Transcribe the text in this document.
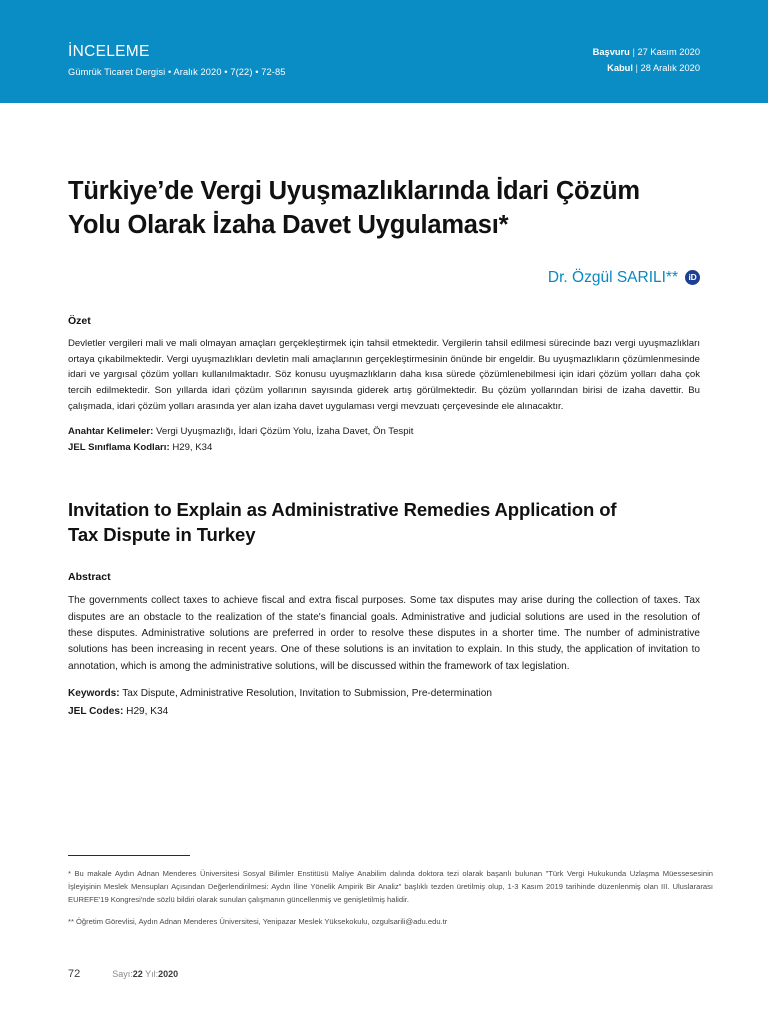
İNCELEME
Gümrük Ticaret Dergisi • Aralık 2020 • 7(22) • 72-85
Başvuru | 27 Kasım 2020
Kabul | 28 Aralık 2020
Türkiye’de Vergi Uyuşmazlıklarında İdari Çözüm Yolu Olarak İzaha Davet Uygulaması*
Dr. Özgül SARILI**	iD
Özet

Devletler vergileri mali ve mali olmayan amaçları gerçekleştirmek için tahsil etmektedir. Vergilerin tahsil edilmesi sürecinde bazı vergi uyuşmazlıkları ortaya çıkabilmektedir. Vergi uyuşmazlıkları devletin mali amaçlarının gerçekleştirmesinin önünde bir engeldir. Bu uyuşmazlıkların çözümlenmesinde idari ve yargısal çözüm yolları kullanılmaktadır. Söz konusu uyuşmazlıkların daha kısa sürede çözümlenebilmesi için idari çözüm yolları daha çok tercih edilmektedir. Son yıllarda idari çözüm yollarının sayısında giderek artış görülmektedir. Bu çözüm yollarından birisi de izaha davettir. Bu çalışmada, idari çözüm yolları arasında yer alan izaha davet uygulaması vergi mevzuatı çerçevesinde ele alınacaktır.

Anahtar Kelimeler: Vergi Uyuşmazlığı, İdari Çözüm Yolu, İzaha Davet, Ön Tespit
JEL Sınıflama Kodları: H29, K34
Invitation to Explain as Administrative Remedies Application of Tax Dispute in Turkey
Abstract

The governments collect taxes to achieve fiscal and extra fiscal purposes. Some tax disputes may arise during the collection of taxes. Tax disputes are an obstacle to the realization of the state's financial goals. Administrative and judicial solutions are used in the resolution of these disputes. Administrative solutions are preferred in order to resolve these disputes in a shorter time. The number of administrative solutions has been increasing in recent years. One of these solutions is an invitation to explain. In this study, the application of invitation to annotation, which is among the administrative solutions, will be discussed within the framework of tax legislation.

Keywords: Tax Dispute, Administrative Resolution, Invitation to Submission, Pre-determination
JEL Codes: H29, K34

* Bu makale Aydın Adnan Menderes Üniversitesi Sosyal Bilimler Enstitüsü Maliye Anabilim dalında doktora tezi olarak başarılı bulunan "Türk Vergi Hukukunda Uzlaşma Müessesesinin İşleyişinin Meslek Mensupları Açısından Değerlendirilmesi: Aydın İline Yönelik Ampirik Bir Analiz" başlıklı tezden üretilmiş olup, 1-3 Kasım 2019 tarihinde düzenlenmiş olan III. Uluslararası EUREFE'19 Kongresi'nde sözlü bildiri olarak sunulan çalışmanın güncellenmiş ve genişletilmiş halidir.

** Öğretim Görevlisi, Aydın Adnan Menderes Üniversitesi, Yenipazar Meslek Yüksekokulu, ozgulsarili@adu.edu.tr

72	Sayı:22 Yıl:2020
